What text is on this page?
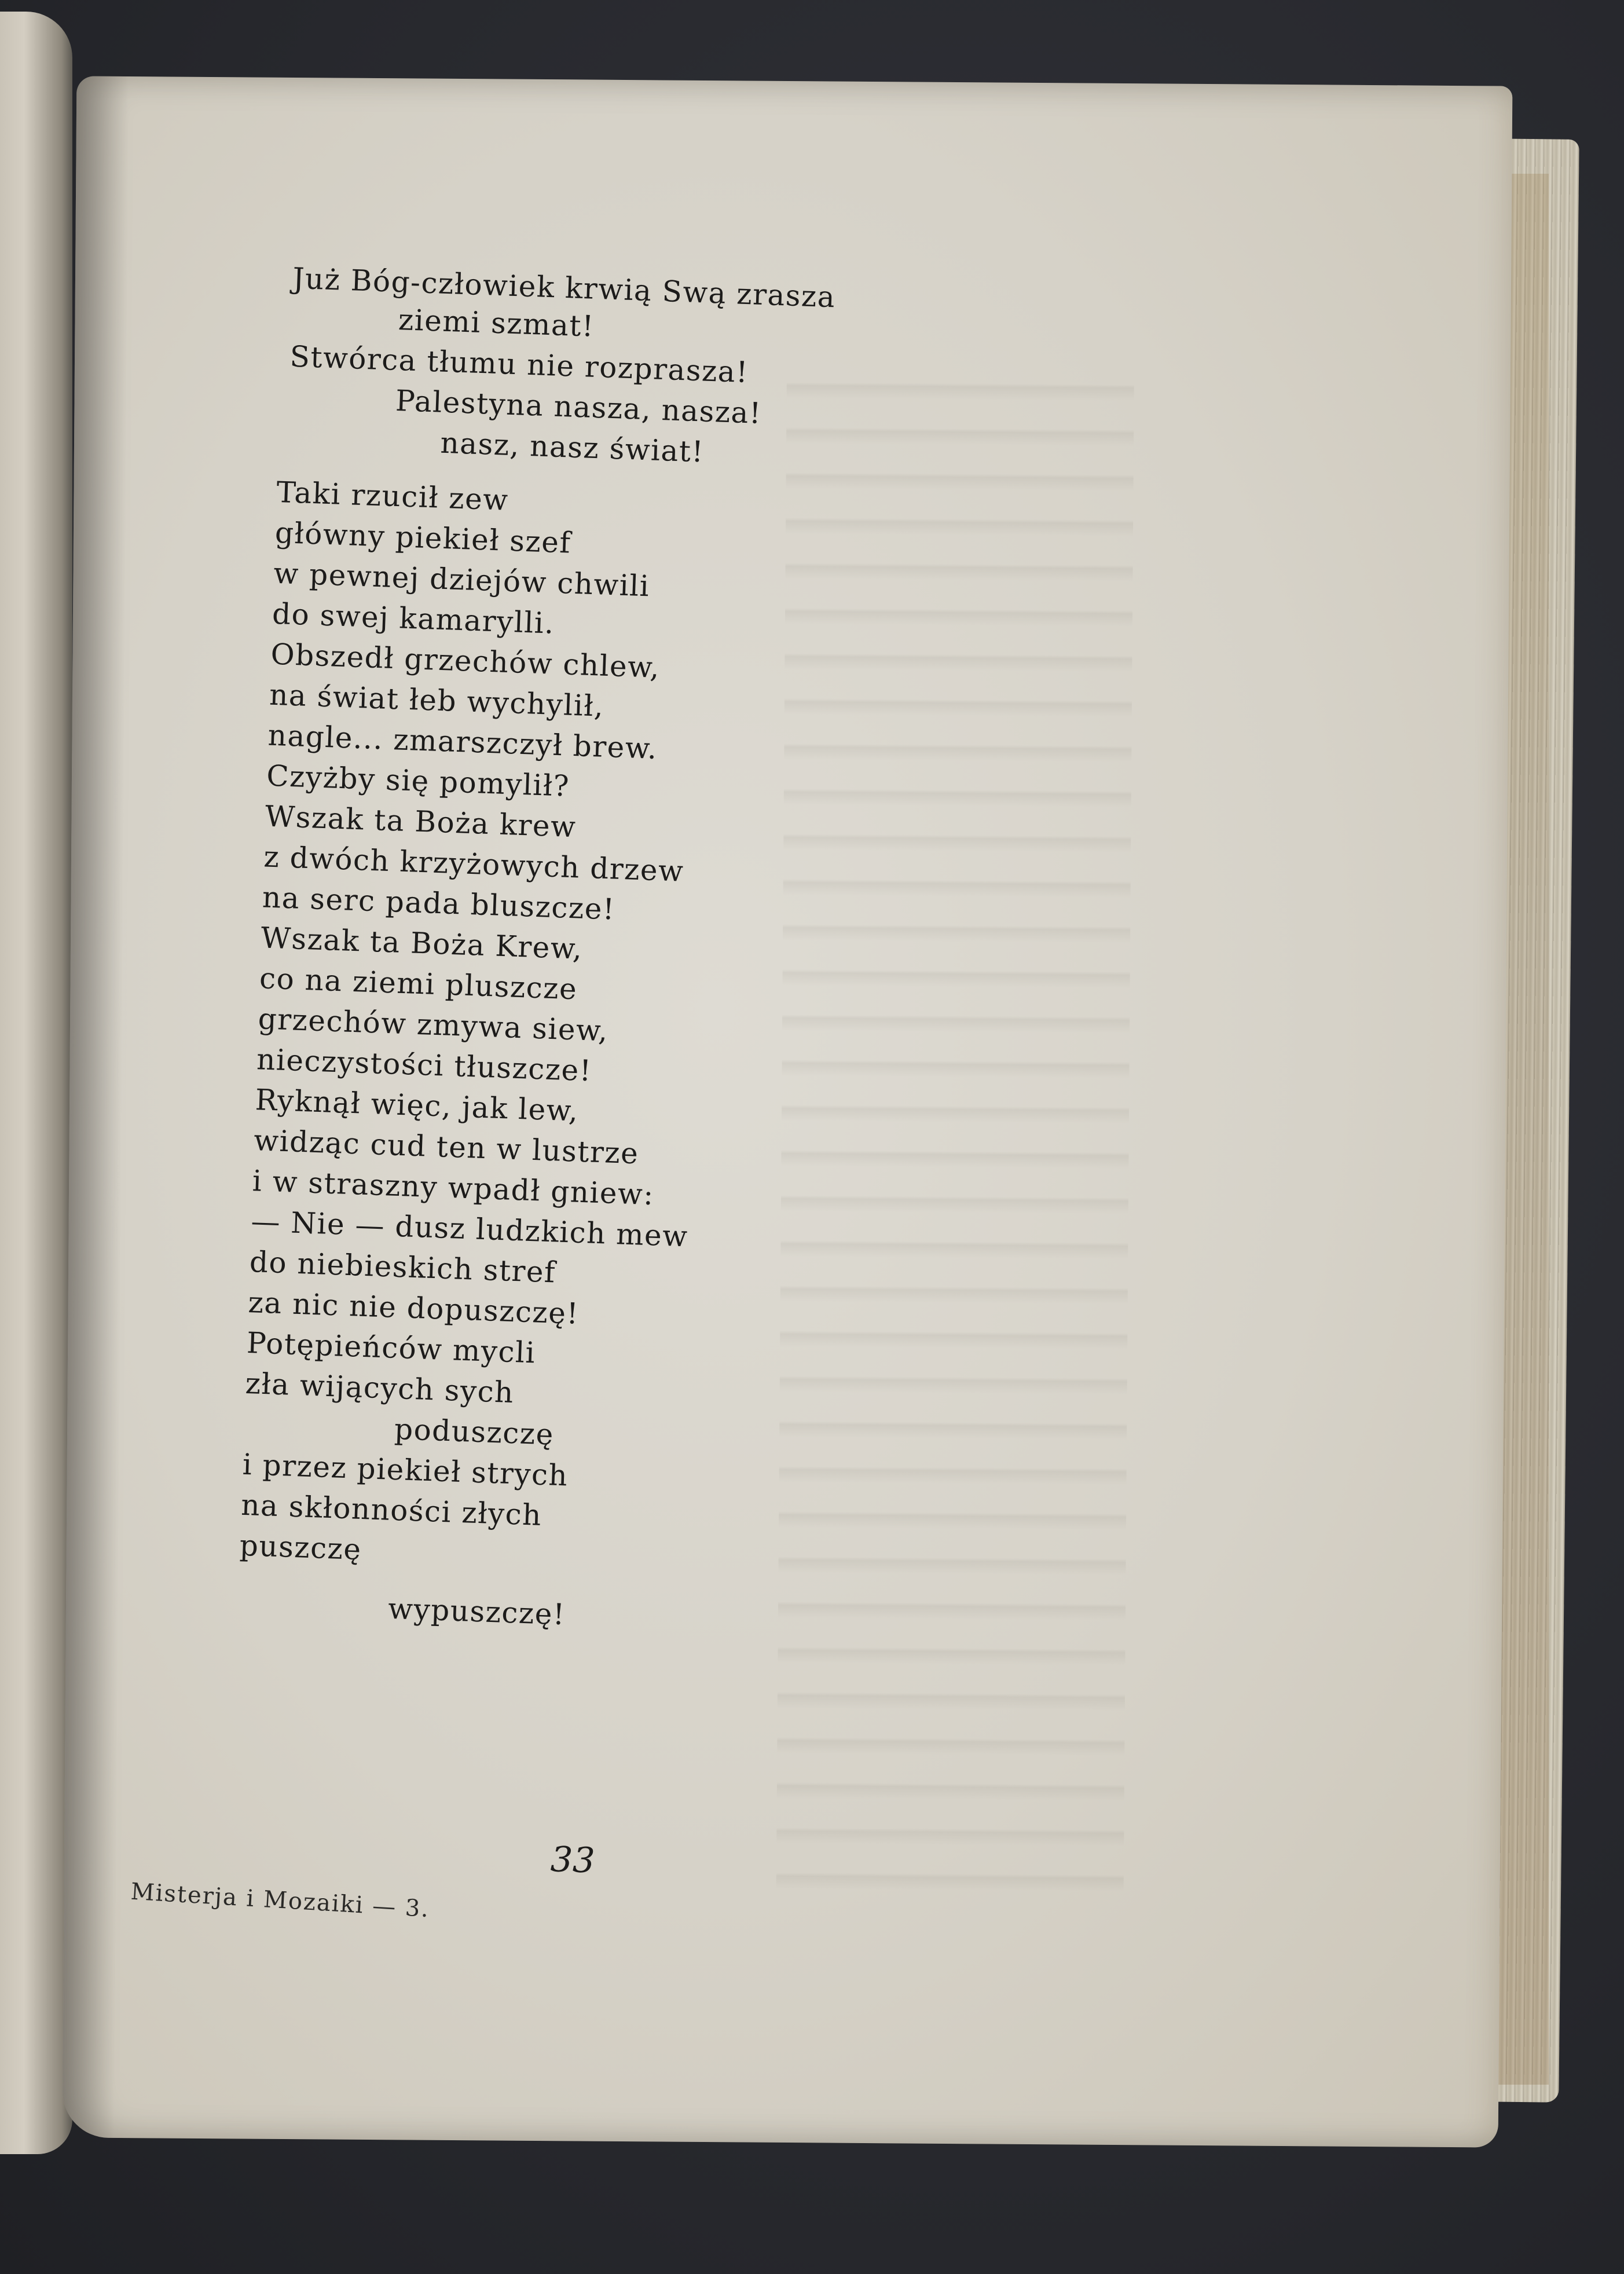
Już Bóg-człowiek krwią Swą zrasza
ziemi szmat!
Stwórca tłumu nie rozprasza!
Palestyna nasza, nasza!
nasz, nasz świat!
Taki rzucił zew
główny piekieł szef
w pewnej dziejów chwili
do swej kamarylli.
Obszedł grzechów chlew,
na świat łeb wychylił,
nagle... zmarszczył brew.
Czyżby się pomylił?
Wszak ta Boża krew
z dwóch krzyżowych drzew
na serc pada bluszcze!
Wszak ta Boża Krew,
co na ziemi pluszcze
grzechów zmywa siew,
nieczystości tłuszcze!
Ryknął więc, jak lew,
widząc cud ten w lustrze
i w straszny wpadł gniew:
— Nie — dusz ludzkich mew
do niebieskich stref
za nic nie dopuszczę!
Potępieńców mycli
zła wijących sych
poduszczę
i przez piekieł strych
na skłonności złych
puszczę
wypuszczę!
33
Misterja i Mozaiki — 3.
